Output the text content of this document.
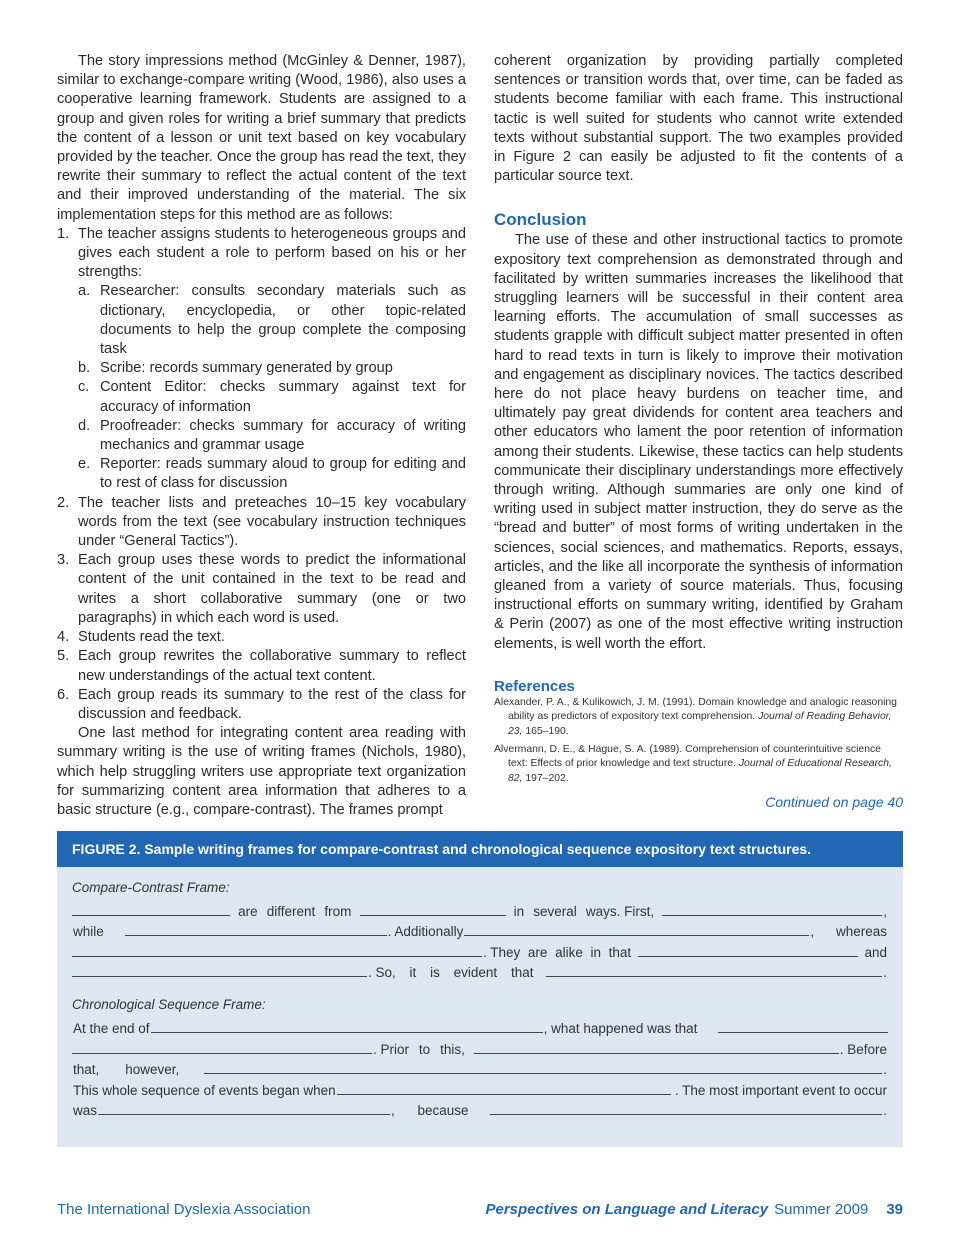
The story impressions method (McGinley & Denner, 1987), similar to exchange-compare writing (Wood, 1986), also uses a cooperative learning framework. Students are assigned to a group and given roles for writing a brief summary that predicts the content of a lesson or unit text based on key vocabulary provided by the teacher. Once the group has read the text, they rewrite their summary to reflect the actual content of the text and their improved understanding of the material. The six implementation steps for this method are as follows:

1. The teacher assigns students to heterogeneous groups and gives each student a role to perform based on his or her strengths:
a. Researcher: consults secondary materials such as dictionary, encyclopedia, or other topic-related documents to help the group complete the composing task
b. Scribe: records summary generated by group
c. Content Editor: checks summary against text for accuracy of information
d. Proofreader: checks summary for accuracy of writing mechanics and grammar usage
e. Reporter: reads summary aloud to group for editing and to rest of class for discussion
2. The teacher lists and preteaches 10–15 key vocabulary words from the text (see vocabulary instruction techniques under “General Tactics”).
3. Each group uses these words to predict the informational content of the unit contained in the text to be read and writes a short collaborative summary (one or two paragraphs) in which each word is used.
4. Students read the text.
5. Each group rewrites the collaborative summary to reflect new understandings of the actual text content.
6. Each group reads its summary to the rest of the class for discussion and feedback.

One last method for integrating content area reading with summary writing is the use of writing frames (Nichols, 1980), which help struggling writers use appropriate text organization for summarizing content area information that adheres to a basic structure (e.g., compare-contrast). The frames prompt

coherent organization by providing partially completed sentences or transition words that, over time, can be faded as students become familiar with each frame. This instructional tactic is well suited for students who cannot write extended texts without substantial support. The two examples provided in Figure 2 can easily be adjusted to fit the contents of a particular source text.

Conclusion

The use of these and other instructional tactics to promote expository text comprehension as demonstrated through and facilitated by written summaries increases the likelihood that struggling learners will be successful in their content area learning efforts. The accumulation of small successes as students grapple with difficult subject matter presented in often hard to read texts in turn is likely to improve their motivation and engagement as disciplinary novices. The tactics described here do not place heavy burdens on teacher time, and ultimately pay great dividends for content area teachers and other educators who lament the poor retention of information among their students. Likewise, these tactics can help students communicate their disciplinary understandings more effectively through writing. Although summaries are only one kind of writing used in subject matter instruction, they do serve as the “bread and butter” of most forms of writing undertaken in the sciences, social sciences, and mathematics. Reports, essays, articles, and the like all incorporate the synthesis of information gleaned from a variety of source materials. Thus, focusing instructional efforts on summary writing, identified by Graham & Perin (2007) as one of the most effective writing instruction elements, is well worth the effort.

References
Alexander, P. A., & Kulikowich, J. M. (1991). Domain knowledge and analogic reasoning ability as predictors of expository text comprehension. Journal of Reading Behavior, 23, 165–190.
Alvermann, D. E., & Hague, S. A. (1989). Comprehension of counterintuitive science text: Effects of prior knowledge and text structure. Journal of Educational Research, 82, 197–202.
Continued on page 40
FIGURE 2. Sample writing frames for compare-contrast and chronological sequence expository text structures.
Compare-Contrast Frame:
are different from	in several ways. First,	,
while	. Additionally	, whereas
. They are alike in that	and
. So, it is evident that	.
Chronological Sequence Frame:
At the end of	, what happened was that
. Prior to this,	. Before
that, however,	.
This whole sequence of events began when	. The most important event to occur
was	, because	.
The International Dyslexia Association	Perspectives on Language and Literacy Summer 2009 39
